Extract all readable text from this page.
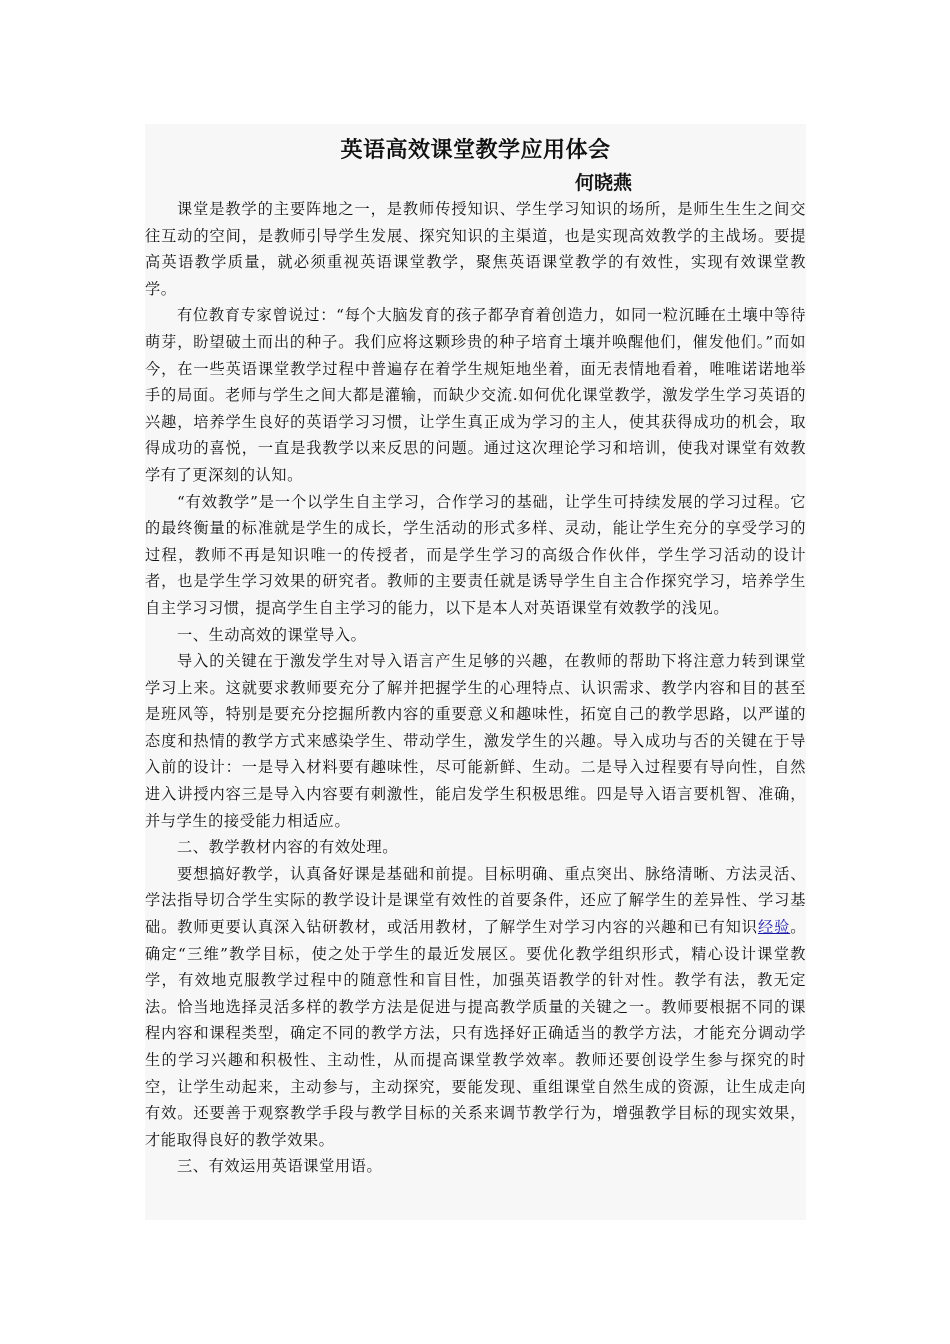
英语高效课堂教学应用体会
何晓燕

课堂是教学的主要阵地之一，是教师传授知识、学生学习知识的场所，是师生生生之间交往互动的空间，是教师引导学生发展、探究知识的主渠道，也是实现高效教学的主战场。要提高英语教学质量，就必须重视英语课堂教学，聚焦英语课堂教学的有效性，实现有效课堂教学。

有位教育专家曾说过：“每个大脑发育的孩子都孕育着创造力，如同一粒沉睡在土壤中等待萌芽，盼望破土而出的种子。我们应将这颗珍贵的种子培育土壤并唤醒他们，催发他们。”而如今，在一些英语课堂教学过程中普遍存在着学生规矩地坐着，面无表情地看着，唯唯诺诺地举手的局面。老师与学生之间大都是灌输，而缺少交流.如何优化课堂教学，激发学生学习英语的兴趣，培养学生良好的英语学习习惯，让学生真正成为学习的主人，使其获得成功的机会，取得成功的喜悦，一直是我教学以来反思的问题。通过这次理论学习和培训，使我对课堂有效教学有了更深刻的认知。

“有效教学”是一个以学生自主学习，合作学习的基础，让学生可持续发展的学习过程。它的最终衡量的标准就是学生的成长，学生活动的形式多样、灵动，能让学生充分的享受学习的过程，教师不再是知识唯一的传授者，而是学生学习的高级合作伙伴，学生学习活动的设计者，也是学生学习效果的研究者。教师的主要责任就是诱导学生自主合作探究学习，培养学生自主学习习惯，提高学生自主学习的能力，以下是本人对英语课堂有效教学的浅见。

一、生动高效的课堂导入。

导入的关键在于激发学生对导入语言产生足够的兴趣，在教师的帮助下将注意力转到课堂学习上来。这就要求教师要充分了解并把握学生的心理特点、认识需求、教学内容和目的甚至是班风等，特别是要充分挖掘所教内容的重要意义和趣味性，拓宽自己的教学思路，以严谨的态度和热情的教学方式来感染学生、带动学生，激发学生的兴趣。导入成功与否的关键在于导入前的设计：一是导入材料要有趣味性，尽可能新鲜、生动。二是导入过程要有导向性，自然进入讲授内容三是导入内容要有刺激性，能启发学生积极思维。四是导入语言要机智、准确，并与学生的接受能力相适应。

二、教学教材内容的有效处理。

要想搞好教学，认真备好课是基础和前提。目标明确、重点突出、脉络清晰、方法灵活、学法指导切合学生实际的教学设计是课堂有效性的首要条件，还应了解学生的差异性、学习基础。教师更要认真深入钻研教材，或活用教材，了解学生对学习内容的兴趣和已有知识经验。确定“三维”教学目标，使之处于学生的最近发展区。要优化教学组织形式，精心设计课堂教学，有效地克服教学过程中的随意性和盲目性，加强英语教学的针对性。教学有法，教无定法。恰当地选择灵活多样的教学方法是促进与提高教学质量的关键之一。教师要根据不同的课程内容和课程类型，确定不同的教学方法，只有选择好正确适当的教学方法，才能充分调动学生的学习兴趣和积极性、主动性，从而提高课堂教学效率。教师还要创设学生参与探究的时空，让学生动起来，主动参与，主动探究，要能发现、重组课堂自然生成的资源，让生成走向有效。还要善于观察教学手段与教学目标的关系来调节教学行为，增强教学目标的现实效果，才能取得良好的教学效果。

三、有效运用英语课堂用语。
